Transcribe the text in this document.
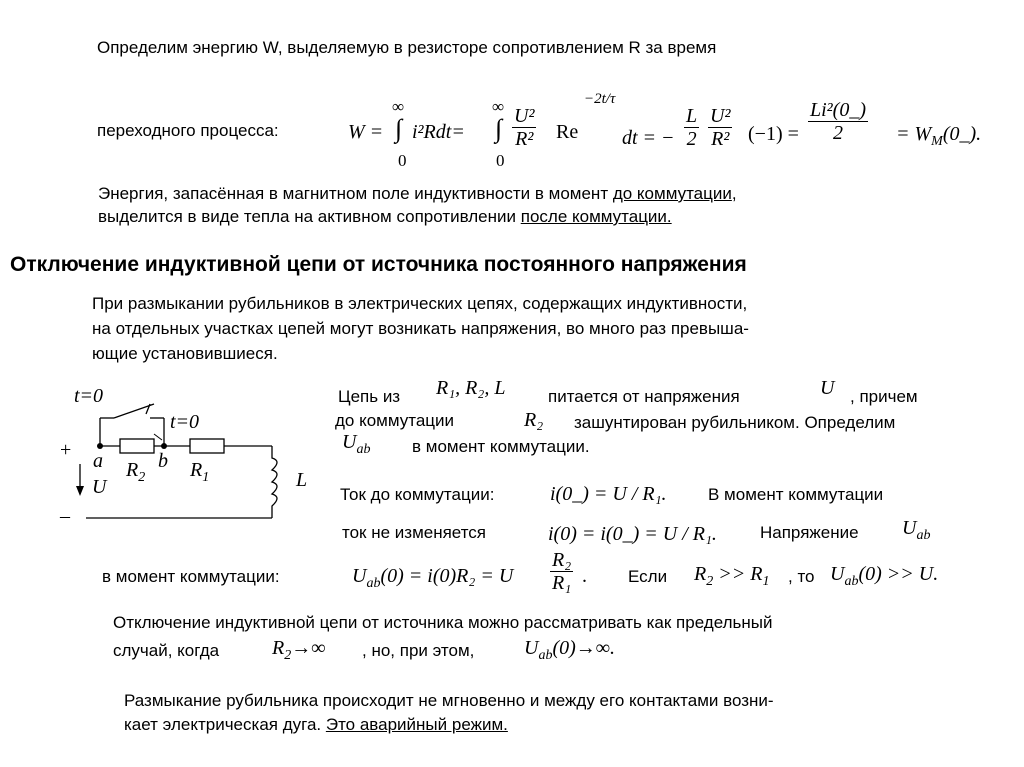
Определим энергию W, выделяемую в резисторе сопротивлением R за время
переходного процесса:	W =
∞
∫
0
i²Rdt=
∞
∫
0
$\frac{\text{U²}}{\text{R²}}$ Re
−2t/τ
dt = − $\frac{L}{2} \frac{\text{U²}}{\text{R²}} (-1) = \frac{\text{Li²(0\_)}}{2}$ = $W_M(0\_)$.
Энергия, запасённая в магнитном поле индуктивности в момент до коммутации,
выделится в виде тепла на активном сопротивлении после коммутации.
Отключение индуктивной цепи от источника постоянного напряжения
При размыкании рубильников в электрических цепях, содержащих индуктивности,
на отдельных участках цепей могут возникать напряжения, во много раз превыша-
ющие установившиеся.
t=0
t=0
+
–
a	b
U
$R_2$ $R_1$	L
Цепь из R₁, R₂, L	питается от напряжения	U , причем
до коммутации	R₂ зашунтирован рубильником. Определим
$U_{ab}$ в момент коммутации.
Ток до коммутации:	i(0_) = U / R₁. В момент коммутации
ток не изменяется	i(0) = i(0_) = U / R₁.	Напряжение $U_{ab}$
в момент коммутации:	$U_{ab}(0) = i(0)R_2 = U \frac{\text{R₂}}{\text{R₁}}$ . Если $R_2 >> R_1$ , то $U_{ab}(0) >> U$.
Отключение индуктивной цепи от источника можно рассматривать как предельный
случай, когда	$R_2\to\infty$ , но, при этом, $U_{ab}(0)\to\infty$.
Размыкание рубильника происходит не мгновенно и между его контактами возни-
кает электрическая дуга. Это аварийный режим.
